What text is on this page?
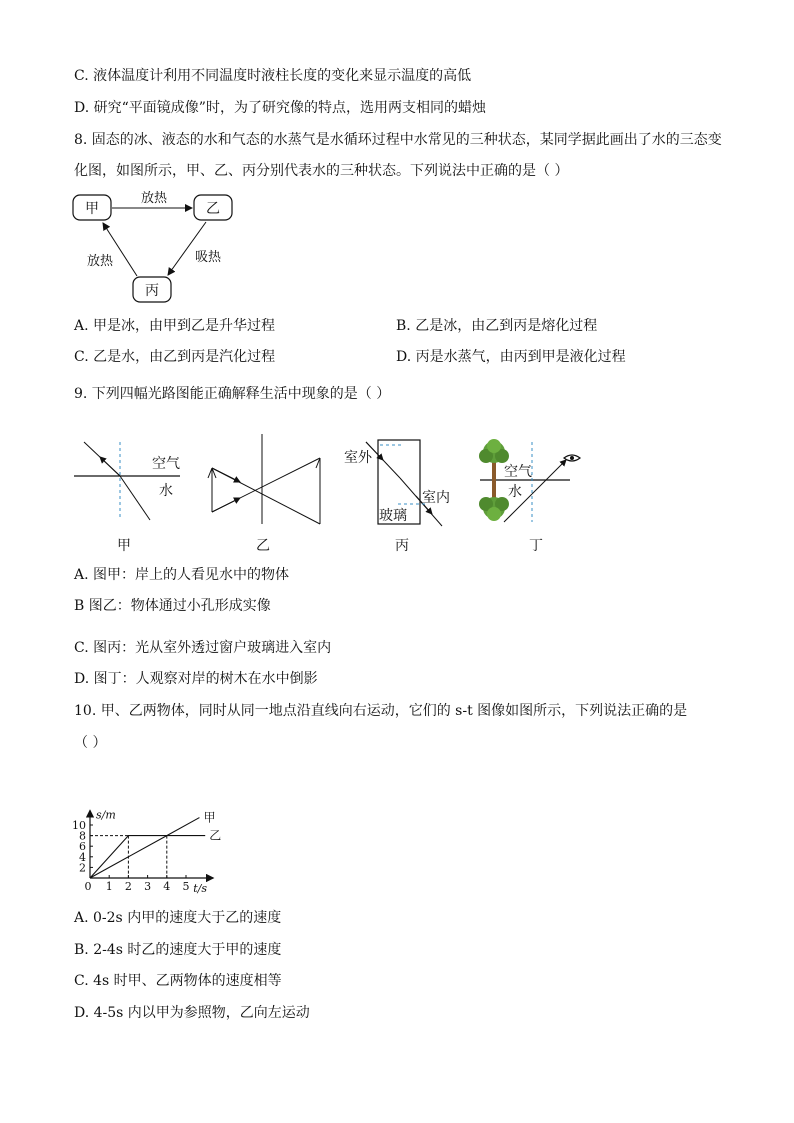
C. 液体温度计利用不同温度时液柱长度的变化来显示温度的高低
D. 研究“平面镜成像”时，为了研究像的特点，选用两支相同的蜡烛
8. 固态的冰、液态的水和气态的水蒸气是水循环过程中水常见的三种状态，某同学据此画出了水的三态变
化图，如图所示，甲、乙、丙分别代表水的三种状态。下列说法中正确的是（ ）
甲	乙
丙
放热
吸热
放热
A. 甲是冰，由甲到乙是升华过程	B. 乙是冰，由乙到丙是熔化过程
C. 乙是水，由乙到丙是汽化过程	D. 丙是水蒸气，由丙到甲是液化过程
9. 下列四幅光路图能正确解释生活中现象的是（ ）
空气
水
甲	乙
室外
室内
玻璃
丙
空气
水
丁
A. 图甲：岸上的人看见水中的物体
B 图乙：物体通过小孔形成实像
C. 图丙：光从室外透过窗户玻璃进入室内
D. 图丁：人观察对岸的树木在水中倒影
10. 甲、乙两物体，同时从同一地点沿直线向右运动，它们的 s-t 图像如图所示，下列说法正确的是
（ ）
s/m
t/s
0 1 2 3 4 5
2
4
6
8
10
甲
乙
A. 0-2s 内甲的速度大于乙的速度
B. 2-4s 时乙的速度大于甲的速度
C. 4s 时甲、乙两物体的速度相等
D. 4-5s 内以甲为参照物，乙向左运动
